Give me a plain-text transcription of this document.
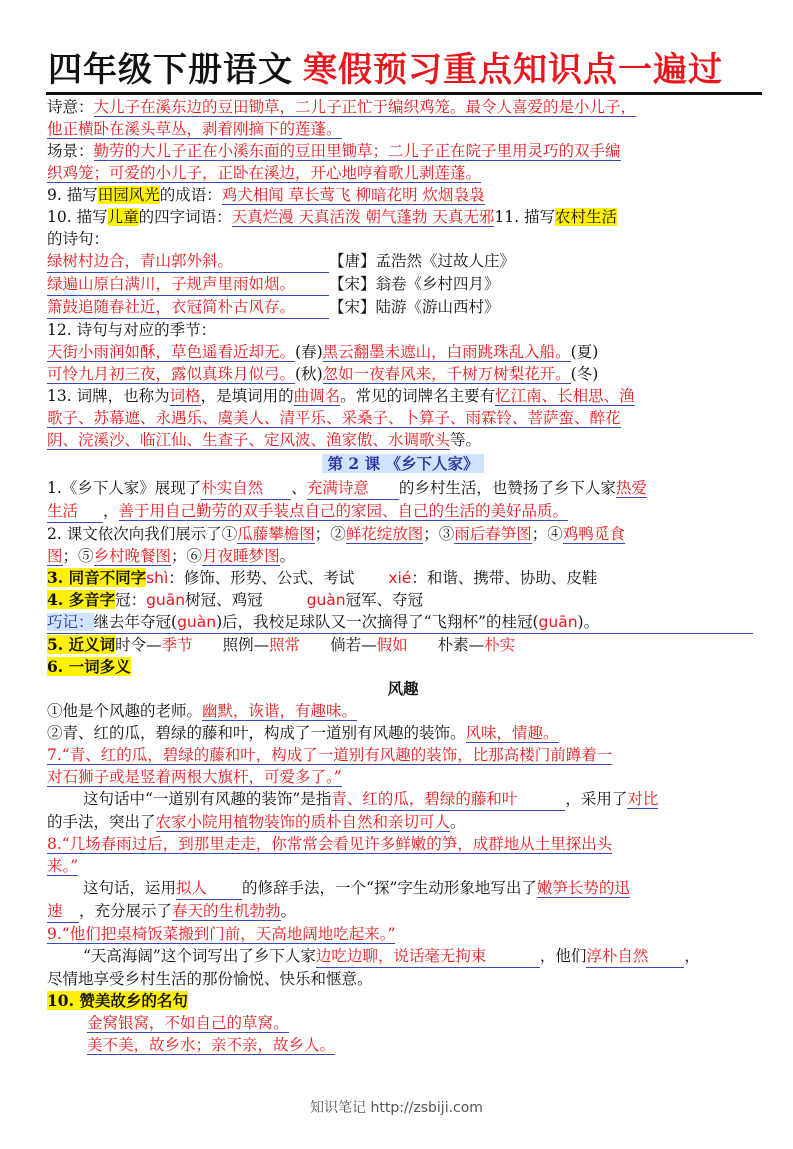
四年级下册语文 寒假预习重点知识点一遍过
诗意：大儿子在溪东边的豆田锄草，二儿子正忙于编织鸡笼。最令人喜爱的是小儿子，
他正横卧在溪头草丛，剥着刚摘下的莲蓬。
场景：勤劳的大儿子正在小溪东面的豆田里锄草；二儿子正在院子里用灵巧的双手编
织鸡笼；可爱的小儿子，正卧在溪边，开心地哼着歌儿剥莲蓬。
9. 描写田园风光的成语：鸡犬相闻 草长莺飞 柳暗花明 炊烟袅袅
10. 描写儿童的四字词语：天真烂漫 天真活泼 朝气蓬勃 天真无邪11. 描写农村生活
的诗句：
绿树村边合，青山郭外斜。	【唐】孟浩然《过故人庄》
绿遍山原白满川，子规声里雨如烟。 【宋】翁卷《乡村四月》
箫鼓追随春社近，衣冠简朴古风存。 【宋】陆游《游山西村》
12. 诗句与对应的季节：
天街小雨润如酥，草色遥看近却无。(春)黑云翻墨未遮山，白雨跳珠乱入船。(夏)
可怜九月初三夜，露似真珠月似弓。(秋)忽如一夜春风来，千树万树梨花开。(冬)
13. 词牌，也称为词格，是填词用的曲调名。常见的词牌名主要有忆江南、长相思、渔
歌子、苏幕遮、永遇乐、虞美人、清平乐、采桑子、卜算子、雨霖铃、菩萨蛮、醉花
阴、浣溪沙、临江仙、生查子、定风波、渔家傲、水调歌头等。
第 2 课 《乡下人家》
1.《乡下人家》展现了朴实自然 、充满诗意 的乡村生活，也赞扬了乡下人家热爱
生活 ，善于用自己勤劳的双手装点自己的家园、自己的生活的美好品质。
2. 课文依次向我们展示了①瓜藤攀檐图；②鲜花绽放图；③雨后春笋图；④鸡鸭觅食
图；⑤乡村晚餐图；⑥月夜睡梦图。
3. 同音不同字shì：修饰、形势、公式、考试 xié：和谐、携带、协助、皮鞋
4. 多音字冠：guān树冠、鸡冠	guàn冠军、夺冠
巧记：继去年夺冠(guàn)后，我校足球队又一次摘得了“飞翔杯”的桂冠(guān)。
5. 近义词时令—季节 照例—照常 倘若—假如 朴素—朴实
6. 一词多义
风趣
①他是个风趣的老师。幽默，诙谐，有趣味。
②青、红的瓜，碧绿的藤和叶，构成了一道别有风趣的装饰。风味，情趣。
7.“青、红的瓜，碧绿的藤和叶，构成了一道别有风趣的装饰，比那高楼门前蹲着一
对石狮子或是竖着两根大旗杆，可爱多了。”
这句话中“一道别有风趣的装饰”是指青、红的瓜，碧绿的藤和叶	，采用了对比
的手法，突出了农家小院用植物装饰的质朴自然和亲切可人。
8.“几场春雨过后，到那里走走，你常常会看见许多鲜嫩的笋，成群地从土里探出头
来。”
这句话，运用拟人 的修辞手法，一个“探”字生动形象地写出了嫩笋长势的迅
速 ，充分展示了春天的生机勃勃。
9.“他们把桌椅饭菜搬到门前，天高地阔地吃起来。”
“天高海阔”这个词写出了乡下人家边吃边聊，说话毫无拘束	，他们淳朴自然 ，
尽情地享受乡村生活的那份愉悦、快乐和惬意。
10. 赞美故乡的名句
金窝银窝，不如自己的草窝。
美不美，故乡水；亲不亲，故乡人。
知识笔记 http://zsbiji.com
